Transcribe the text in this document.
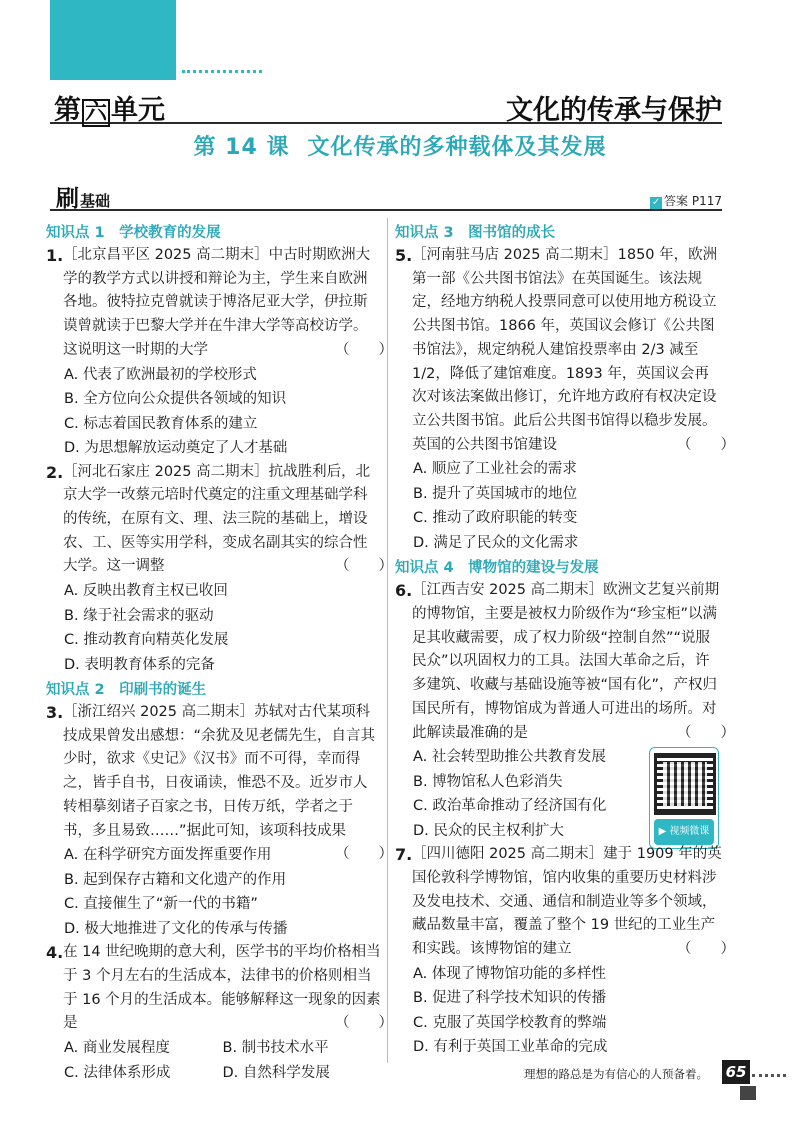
第 六 单元	文化的传承与保护
第 14 课 文化传承的多种载体及其发展
刷基础	✓ 答案 P117
知识点 1　学校教育的发展
1. ［北京昌平区 2025 高二期末］中古时期欧洲大学的教学方式以讲授和辩论为主，学生来自欧洲各地。彼特拉克曾就读于博洛尼亚大学，伊拉斯谟曾就读于巴黎大学并在牛津大学等高校访学。这说明这一时期的大学	（　　）
A. 代表了欧洲最初的学校形式
B. 全方位向公众提供各领域的知识
C. 标志着国民教育体系的建立
D. 为思想解放运动奠定了人才基础
2. ［河北石家庄 2025 高二期末］抗战胜利后，北京大学一改蔡元培时代奠定的注重文理基础学科的传统，在原有文、理、法三院的基础上，增设农、工、医等实用学科，变成名副其实的综合性大学。这一调整	（　　）
A. 反映出教育主权已收回
B. 缘于社会需求的驱动
C. 推动教育向精英化发展
D. 表明教育体系的完备
知识点 2　印刷书的诞生
3. ［浙江绍兴 2025 高二期末］苏轼对古代某项科技成果曾发出感想：“余犹及见老儒先生，自言其少时，欲求《史记》《汉书》而不可得，幸而得之，皆手自书，日夜诵读，惟恐不及。近岁市人转相摹刻诸子百家之书，日传万纸，学者之于书，多且易致……”据此可知，该项科技成果
（　　）
A. 在科学研究方面发挥重要作用
B. 起到保存古籍和文化遗产的作用
C. 直接催生了“新一代的书籍”
D. 极大地推进了文化的传承与传播
4. 在 14 世纪晚期的意大利，医学书的平均价格相当于 3 个月左右的生活成本，法律书的价格则相当于 16 个月的生活成本。能够解释这一现象的因素是	（　　）
A. 商业发展程度	B. 制书技术水平
C. 法律体系形成	D. 自然科学发展
知识点 3　图书馆的成长
5. ［河南驻马店 2025 高二期末］1850 年，欧洲第一部《公共图书馆法》在英国诞生。该法规定，经地方纳税人投票同意可以使用地方税设立公共图书馆。1866 年，英国议会修订《公共图书馆法》，规定纳税人建馆投票率由 2/3 减至 1/2，降低了建馆难度。1893 年，英国议会再次对该法案做出修订，允许地方政府有权决定设立公共图书馆。此后公共图书馆得以稳步发展。英国的公共图书馆建设	（　　）
A. 顺应了工业社会的需求
B. 提升了英国城市的地位
C. 推动了政府职能的转变
D. 满足了民众的文化需求
知识点 4　博物馆的建设与发展
6. ［江西吉安 2025 高二期末］欧洲文艺复兴前期的博物馆，主要是被权力阶级作为“珍宝柜”以满足其收藏需要，成了权力阶级“控制自然”“说服民众”以巩固权力的工具。法国大革命之后，许多建筑、收藏与基础设施等被“国有化”，产权归国民所有，博物馆成为普通人可进出的场所。对此解读最准确的是	（　　）
A. 社会转型助推公共教育发展
B. 博物馆私人色彩消失
C. 政治革命推动了经济国有化
D. 民众的民主权利扩大	▶ 视频微课
7. ［四川德阳 2025 高二期末］建于 1909 年的英国伦敦科学博物馆，馆内收集的重要历史材料涉及发电技术、交通、通信和制造业等多个领域，藏品数量丰富，覆盖了整个 19 世纪的工业生产和实践。该博物馆的建立	（　　）
A. 体现了博物馆功能的多样性
B. 促进了科学技术知识的传播
C. 克服了英国学校教育的弊端
D. 有利于英国工业革命的完成
理想的路总是为有信心的人预备着。 65
